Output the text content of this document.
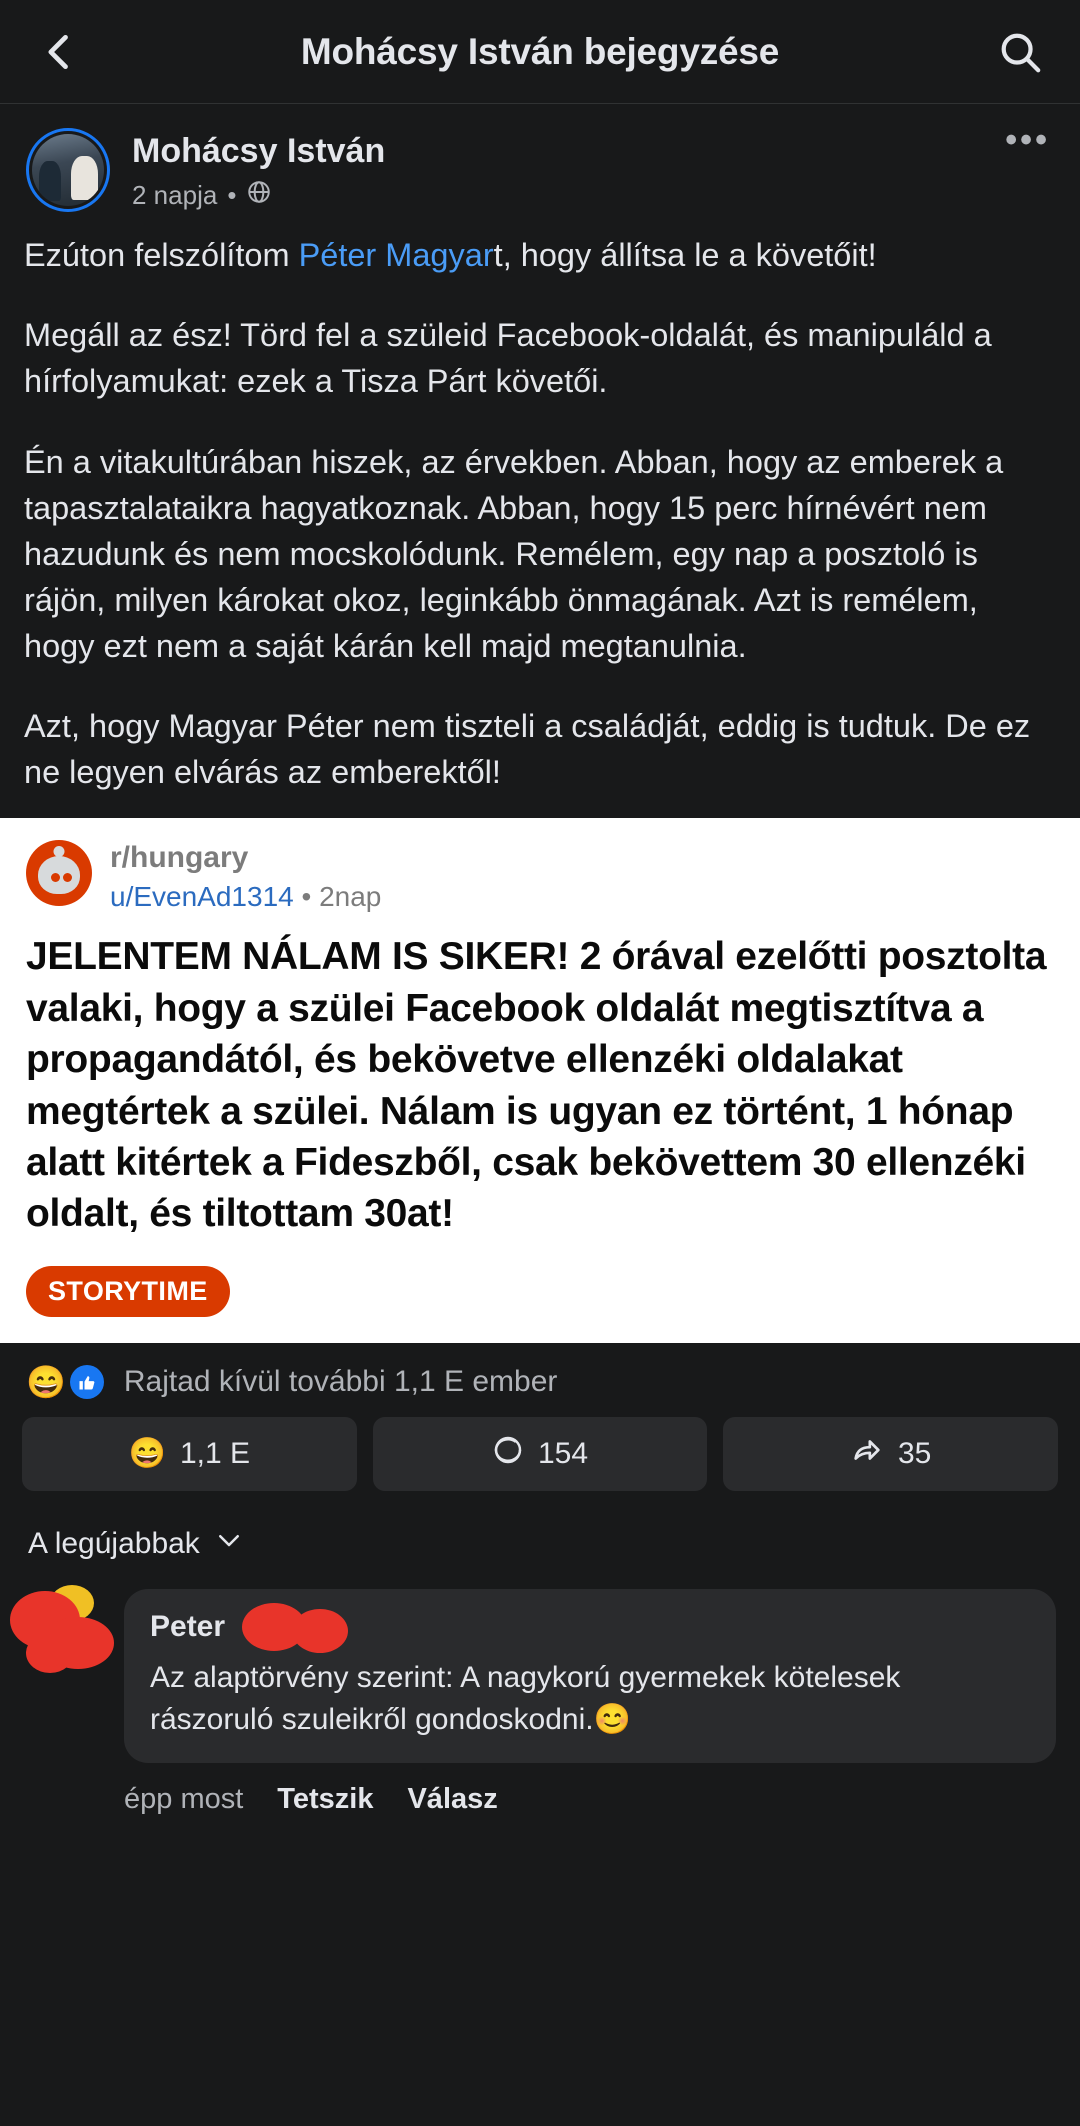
Mohácsy István bejegyzése
Mohácsy István
2 napja •
•••

Ezúton felszólítom Péter Magyart, hogy állítsa le a követőit!

Megáll az ész! Törd fel a szüleid Facebook-oldalát, és manipuláld a hírfolyamukat: ezek a Tisza Párt követői.

Én a vitakultúrában hiszek, az érvekben. Abban, hogy az emberek a tapasztalataikra hagyatkoznak. Abban, hogy 15 perc hírnévért nem hazudunk és nem mocskolódunk. Remélem, egy nap a posztoló is rájön, milyen károkat okoz, leginkább önmagának. Azt is remélem, hogy ezt nem a saját kárán kell majd megtanulnia.

Azt, hogy Magyar Péter nem tiszteli a családját, eddig is tudtuk. De ez ne legyen elvárás az emberektől!

r/hungary
u/EvenAd1314 • 2nap
JELENTEM NÁLAM IS SIKER! 2 órával ezelőtti posztolta valaki, hogy a szülei Facebook oldalát megtisztítva a propagandától, és bekövetve ellenzéki oldalakat megtértek a szülei. Nálam is ugyan ez történt, 1 hónap alatt kitértek a Fideszből, csak bekövettem 30 ellenzéki oldalt, és tiltottam 30at!
STORYTIME
😄 Rajtad kívül további 1,1 E ember
😄 1,1 E	154	35
A legújabbak
Peter
Az alaptörvény szerint: A nagykorú gyermekek kötelesek rászoruló szuleikről gondoskodni.😊
épp most Tetszik Válasz
